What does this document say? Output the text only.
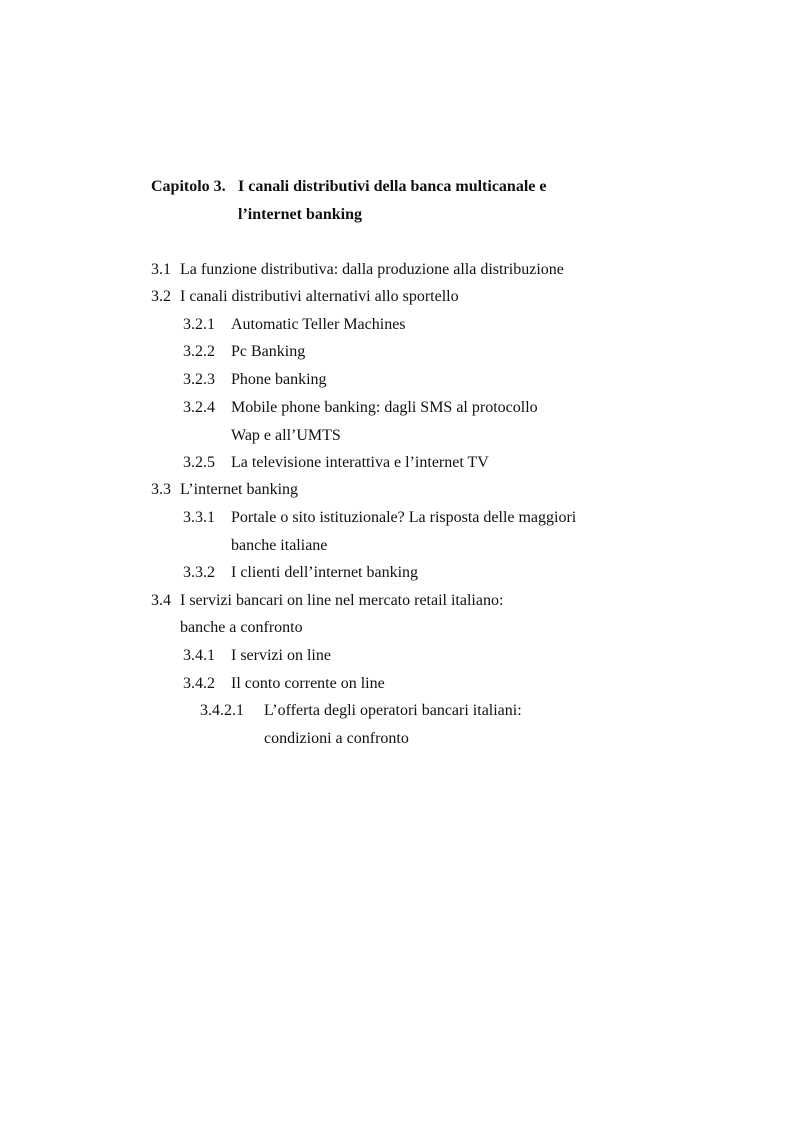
Capitolo 3. I canali distributivi della banca multicanale e
l’internet banking
3.1 La funzione distributiva: dalla produzione alla distribuzione
3.2 I canali distributivi alternativi allo sportello
3.2.1 Automatic Teller Machines
3.2.2 Pc Banking
3.2.3 Phone banking
3.2.4 Mobile phone banking: dagli SMS al protocollo
Wap e all’UMTS
3.2.5 La televisione interattiva e l’internet TV
3.3 L’internet banking
3.3.1 Portale o sito istituzionale? La risposta delle maggiori
banche italiane
3.3.2 I clienti dell’internet banking
3.4 I servizi bancari on line nel mercato retail italiano:
banche a confronto
3.4.1 I servizi on line
3.4.2 Il conto corrente on line
3.4.2.1 L’offerta degli operatori bancari italiani:
condizioni a confronto
